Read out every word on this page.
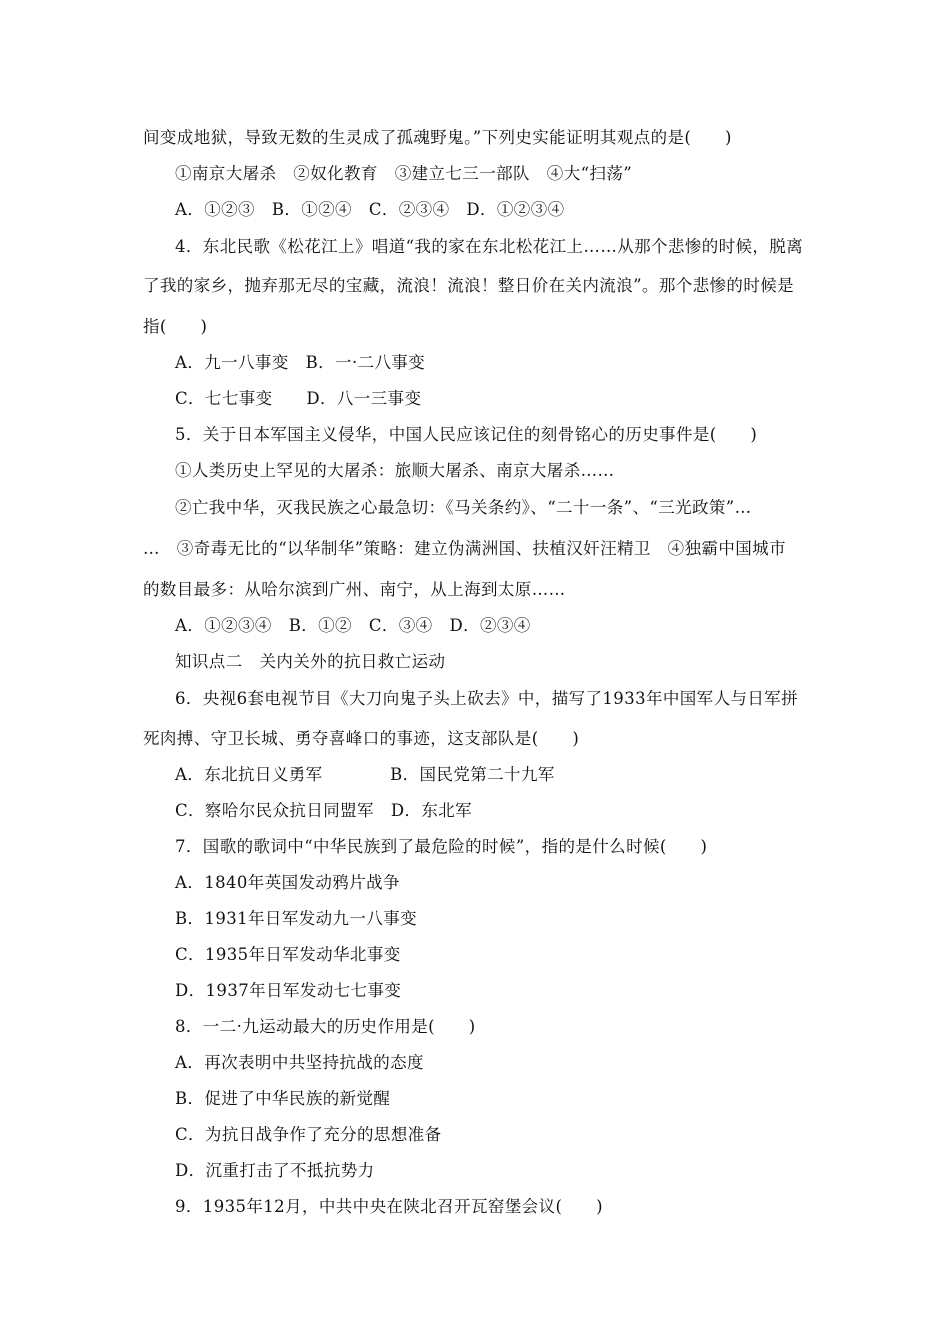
间变成地狱，导致无数的生灵成了孤魂野鬼。”下列史实能证明其观点的是(　　)
①南京大屠杀　②奴化教育　③建立七三一部队　④大“扫荡”
A．①②③　B．①②④　C．②③④　D．①②③④
4．东北民歌《松花江上》唱道“我的家在东北松花江上……从那个悲惨的时候，脱离
了我的家乡，抛弃那无尽的宝藏，流浪！流浪！整日价在关内流浪”。那个悲惨的时候是
指(　　)
A．九一八事变　B．一·二八事变
C．七七事变　　D．八一三事变
5．关于日本军国主义侵华，中国人民应该记住的刻骨铭心的历史事件是(　　)
①人类历史上罕见的大屠杀：旅顺大屠杀、南京大屠杀……
②亡我中华，灭我民族之心最急切：《马关条约》、“二十一条”、“三光政策”…
…　③奇毒无比的“以华制华”策略：建立伪满洲国、扶植汉奸汪精卫　④独霸中国城市
的数目最多：从哈尔滨到广州、南宁，从上海到太原……
A．①②③④　B．①②　C．③④　D．②③④
知识点二　关内关外的抗日救亡运动
6．央视6套电视节目《大刀向鬼子头上砍去》中，描写了1933年中国军人与日军拼
死肉搏、守卫长城、勇夺喜峰口的事迹，这支部队是(　　)
A．东北抗日义勇军　　　　B．国民党第二十九军
C．察哈尔民众抗日同盟军　D．东北军
7．国歌的歌词中“中华民族到了最危险的时候”，指的是什么时候(　　)
A．1840年英国发动鸦片战争
B．1931年日军发动九一八事变
C．1935年日军发动华北事变
D．1937年日军发动七七事变
8．一二·九运动最大的历史作用是(　　)
A．再次表明中共坚持抗战的态度
B．促进了中华民族的新觉醒
C．为抗日战争作了充分的思想准备
D．沉重打击了不抵抗势力
9．1935年12月，中共中央在陕北召开瓦窑堡会议(　　)
